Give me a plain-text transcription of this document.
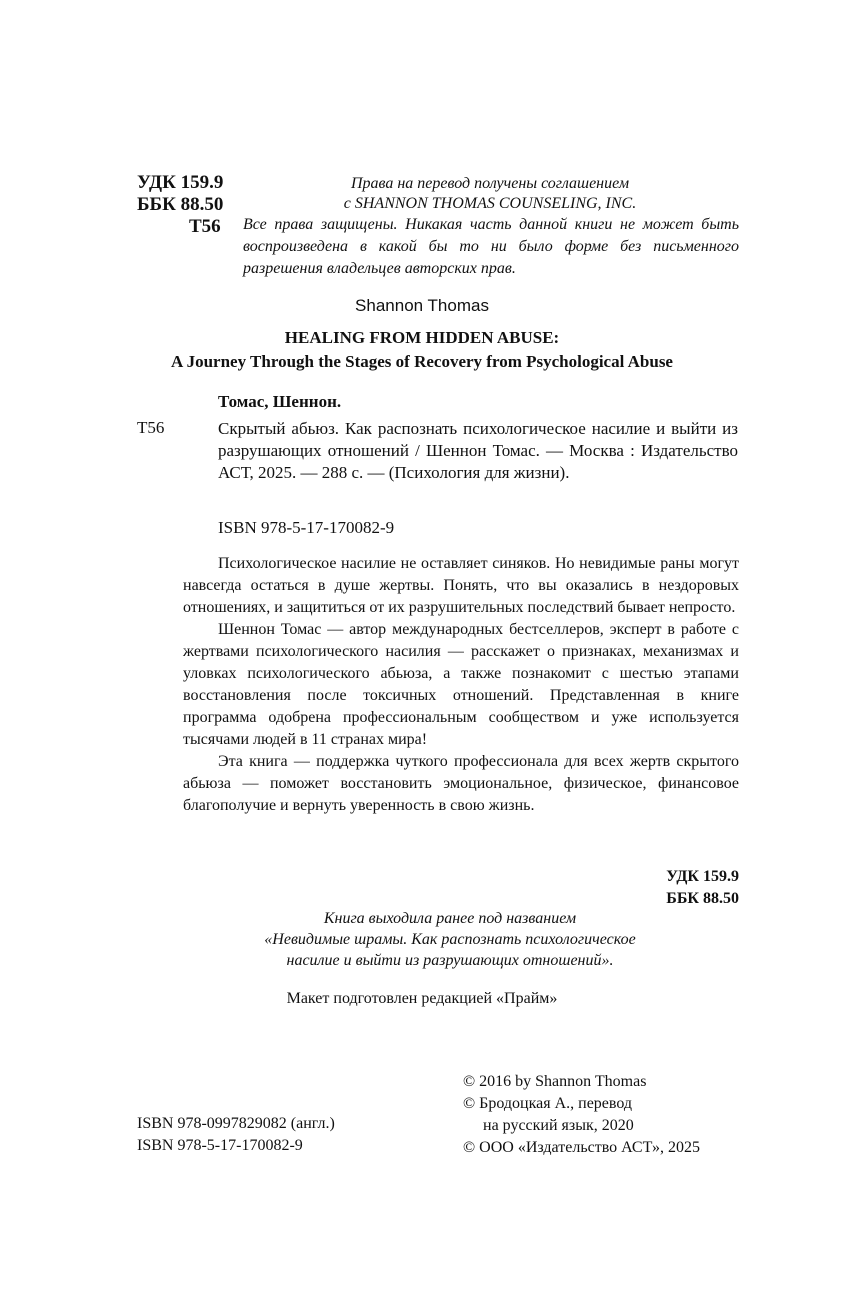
УДК 159.9
ББК 88.50
Т56
Права на перевод получены соглашением
с SHANNON THOMAS COUNSELING, INC.
Все права защищены. Никакая часть данной книги не может быть воспроизведена в какой бы то ни было форме без письменного разрешения владельцев авторских прав.
Shannon Thomas
HEALING FROM HIDDEN ABUSE:
A Journey Through the Stages of Recovery from Psychological Abuse
Томас, Шеннон.
Т56	Скрытый абьюз. Как распознать психологическое насилие и выйти из разрушающих отношений / Шеннон Томас. — Москва : Издательство АСТ, 2025. — 288 с. — (Психология для жизни).
ISBN 978-5-17-170082-9

Психологическое насилие не оставляет синяков. Но невидимые раны могут навсегда остаться в душе жертвы. Понять, что вы оказались в нездоровых отношениях, и защититься от их разрушительных последствий бывает непросто.

Шеннон Томас — автор международных бестселлеров, эксперт в работе с жертвами психологического насилия — расскажет о признаках, механизмах и уловках психологического абьюза, а также познакомит с шестью этапами восстановления после токсичных отношений. Представленная в книге программа одобрена профессиональным сообществом и уже используется тысячами людей в 11 странах мира!

Эта книга — поддержка чуткого профессионала для всех жертв скрытого абьюза — поможет восстановить эмоциональное, физическое, финансовое благополучие и вернуть уверенность в свою жизнь.

УДК 159.9
ББК 88.50
Книга выходила ранее под названием
«Невидимые шрамы. Как распознать психологическое
насилие и выйти из разрушающих отношений».
Макет подготовлен редакцией «Прайм»
© 2016 by Shannon Thomas
© Бродоцкая А., перевод
на русский язык, 2020
© ООО «Издательство АСТ», 2025
ISBN 978-0997829082 (англ.)
ISBN 978-5-17-170082-9
